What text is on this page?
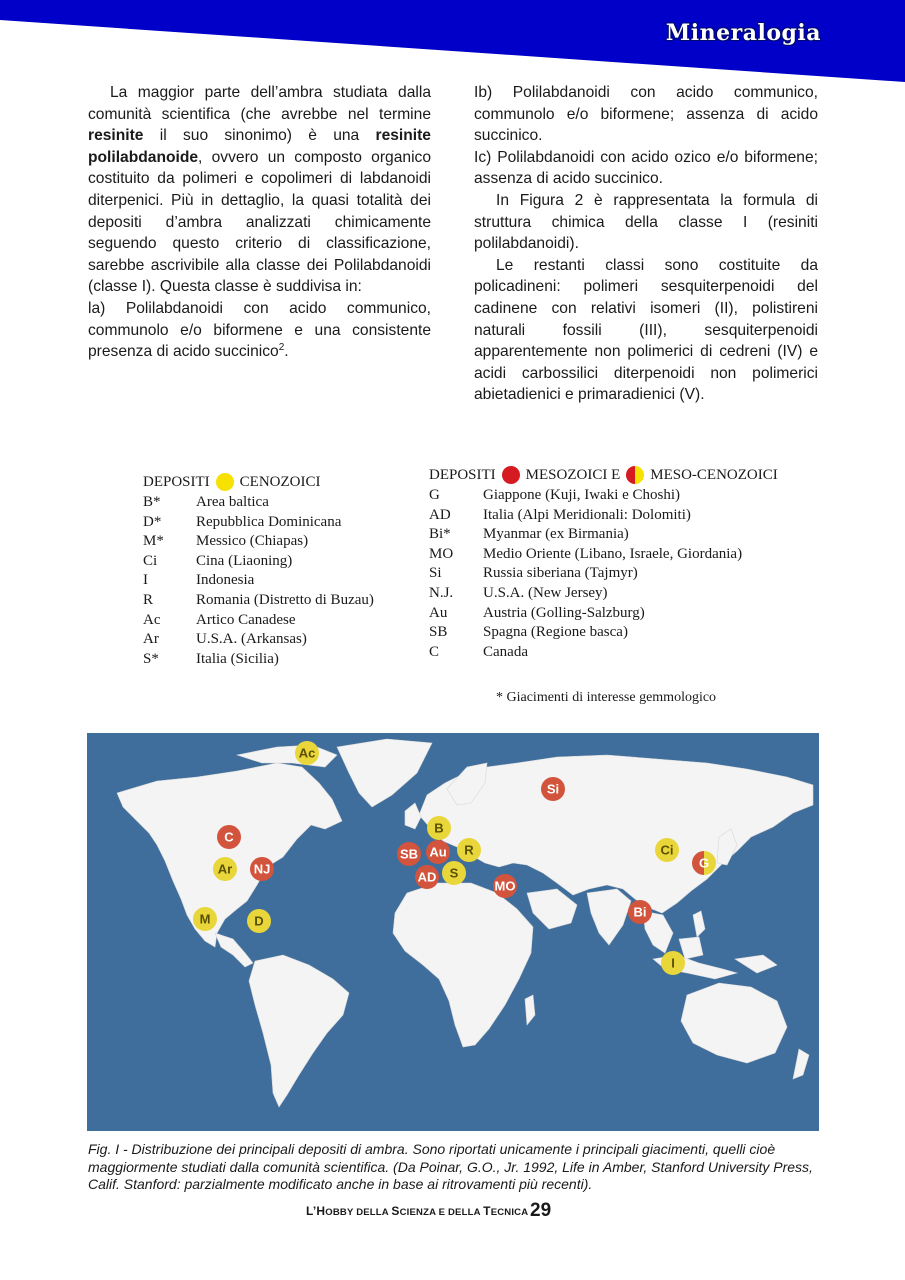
Mineralogia

La maggior parte dell’ambra studiata dalla comunità scientifica (che avrebbe nel termine resinite il suo sinonimo) è una resinite polilabdanoide, ovvero un composto organico costituito da polimeri e copolimeri di labdanoidi diterpenici. Più in dettaglio, la quasi totalità dei depositi d’ambra analizzati chimicamente seguendo questo criterio di classificazione, sarebbe ascrivibile alla classe dei Polilabdanoidi (classe I). Questa classe è suddivisa in:

la) Polilabdanoidi con acido communico, communolo e/o biformene e una consistente presenza di acido succinico$^2$.

Ib) Polilabdanoidi con acido communico, communolo e/o biformene; assenza di acido succinico.

Ic) Polilabdanoidi con acido ozico e/o biformene; assenza di acido succinico.

In Figura 2 è rappresentata la formula di struttura chimica della classe I (resiniti polilabdanoidi).

Le restanti classi sono costituite da policadineni: polimeri sesquiterpenoidi del cadinene con relativi isomeri (II), polistireni naturali fossili (III), sesquiterpenoidi apparentemente non polimerici di cedreni (IV) e acidi carbossilici diterpenoidi non polimerici abietadienici e primaradienici (V).

DEPOSITI CENOZOICI
B*	Area baltica
D*	Repubblica Dominicana
M*	Messico (Chiapas)
Ci	Cina (Liaoning)
I	Indonesia
R	Romania (Distretto di Buzau)
Ac	Artico Canadese
Ar	U.S.A. (Arkansas)
S*	Italia (Sicilia)
DEPOSITI MESOZOICI E MESO-CENOZOICI
G	Giappone (Kuji, Iwaki e Choshi)
AD	Italia (Alpi Meridionali: Dolomiti)
Bi*	Myanmar (ex Birmania)
MO	Medio Oriente (Libano, Israele, Giordania)
Si	Russia siberiana (Tajmyr)
N.J.	U.S.A. (New Jersey)
Au	Austria (Golling-Salzburg)
SB	Spagna (Regione basca)
C	Canada
* Giacimenti di interesse gemmologico
Ac
C
Ar NJ
M	D
Si
B
SB Au R
AD S
MO
Ci
G
Bi
I
Fig. I - Distribuzione dei principali depositi di ambra. Sono riportati unicamente i principali giacimenti, quelli cioè maggiormente studiati dalla comunità scientifica. (Da Poinar, G.O., Jr. 1992, Life in Amber, Stanford University Press, Calif. Stanford: parzialmente modificato anche in base ai ritrovamenti più recenti).
L’HOBBY DELLA SCIENZA E DELLA TECNICA 29
